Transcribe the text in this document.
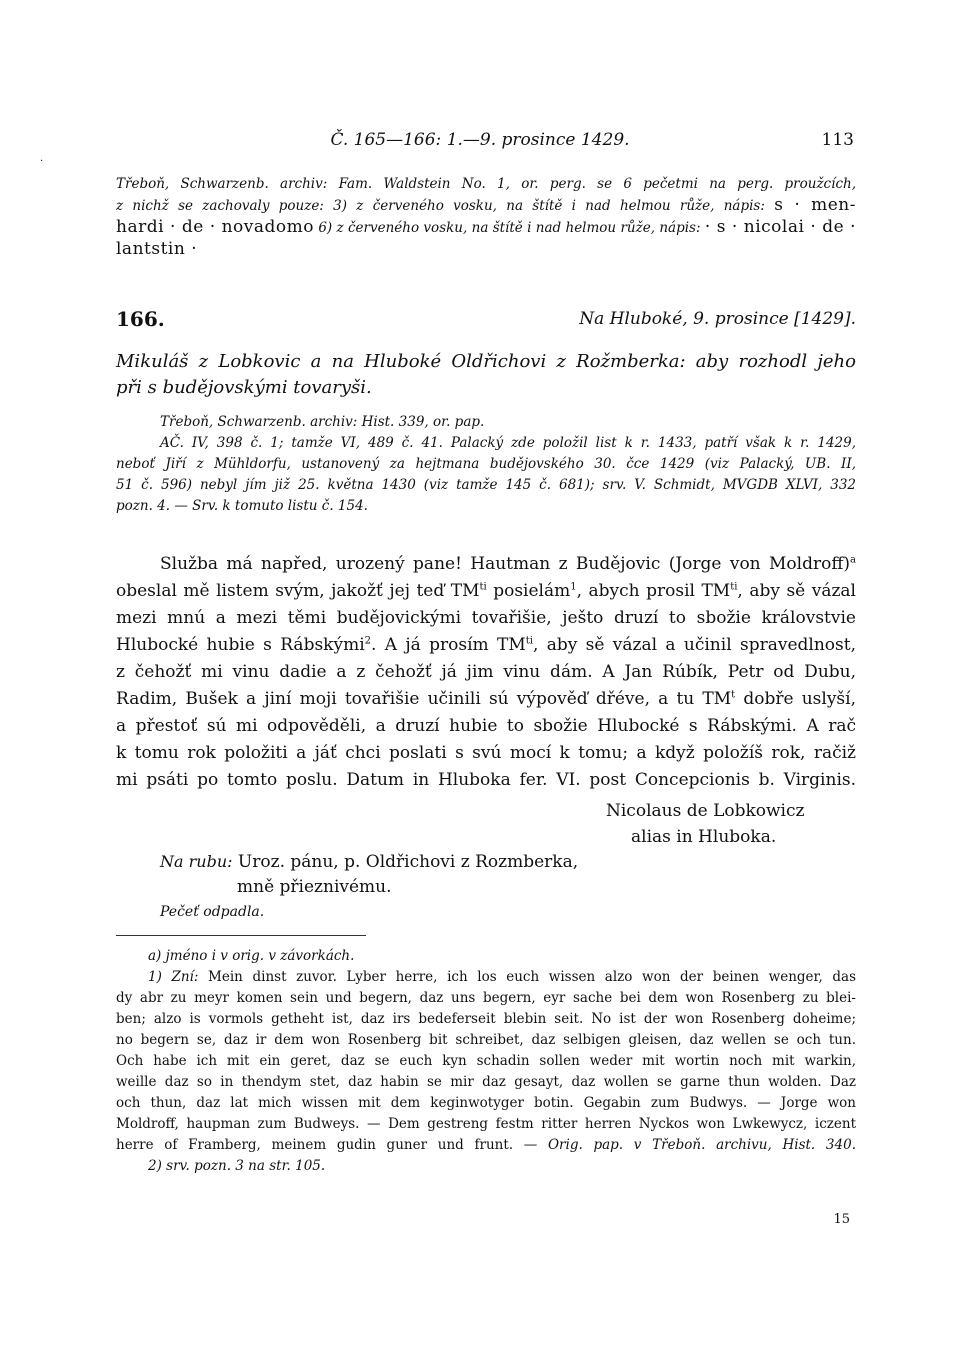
·
Č. 165—166: 1.—9. prosince 1429.	113
Třeboň, Schwarzenb. archiv: Fam. Waldstein No. 1, or. perg. se 6 pečetmi na perg. proužcích,
z nichž se zachovaly pouze: 3) z červeného vosku, na štítě i nad helmou růže, nápis: s · men-
hardi · de · novadomo 6) z červeného vosku, na štítě i nad helmou růže, nápis: · s · nicolai · de ·
lantstin ·
166.	Na Hluboké, 9. prosince [1429].
Mikuláš z Lobkovic a na Hluboké Oldřichovi z Rožmberka: aby rozhodl jeho
při s budějovskými tovaryši.
Třeboň, Schwarzenb. archiv: Hist. 339, or. pap.
AČ. IV, 398 č. 1; tamže VI, 489 č. 41. Palacký zde položil list k r. 1433, patří však k r. 1429,
neboť Jiří z Mühldorfu, ustanovený za hejtmana budějovského 30. čce 1429 (viz Palacký, UB. II,
51 č. 596) nebyl jím již 25. května 1430 (viz tamže 145 č. 681); srv. V. Schmidt, MVGDB XLVI, 332
pozn. 4. — Srv. k tomuto listu č. 154.
Služba má napřed, urozený pane! Hautman z Budějovic (Jorge von Moldroff)$^a$
obeslal mě listem svým, jakožť jej teď $TM^{ti}$ posielám$^1$, abych prosil $TM^{ti}$, aby sě vázal
mezi mnú a mezi těmi budějovickými tovařišie, ješto druzí to sbožie královstvie
Hlubocké hubie s Rábskými$^2$. A já prosím $TM^{ti}$, aby sě vázal a učinil spravedlnost,
z čehožť mi vinu dadie a z čehožť já jim vinu dám. A Jan Rúbík, Petr od Dubu,
Radim, Bušek a jiní moji tovařišie učinili sú výpověď dřéve, a tu $TM^t$ dobře uslyší,
a přestoť sú mi odpověděli, a druzí hubie to sbožie Hlubocké s Rábskými. A rač
k tomu rok položiti a jáť chci poslati s svú mocí k tomu; a když položíš rok, račiž
mi psáti po tomto poslu. Datum in Hluboka fer. VI. post Concepcionis b. Virginis.
Nicolaus de Lobkowicz
alias in Hluboka.
Na rubu: Uroz. pánu, p. Oldřichovi z Rozmberka,
mně přieznivému.
Pečeť odpadla.
a) jméno i v orig. v závorkách.
1) Zní: Mein dinst zuvor. Lyber herre, ich los euch wissen alzo won der beinen wenger, das
dy abr zu meyr komen sein und begern, daz uns begern, eyr sache bei dem won Rosenberg zu blei-
ben; alzo is vormols getheht ist, daz irs bedeferseit blebin seit. No ist der won Rosenberg doheime;
no begern se, daz ir dem won Rosenberg bit schreibet, daz selbigen gleisen, daz wellen se och tun.
Och habe ich mit ein geret, daz se euch kyn schadin sollen weder mit wortin noch mit warkin,
weille daz so in thendym stet, daz habin se mir daz gesayt, daz wollen se garne thun wolden. Daz
och thun, daz lat mich wissen mit dem keginwotyger botin. Gegabin zum Budwys. — Jorge won
Moldroff, haupman zum Budweys. — Dem gestreng festm ritter herren Nyckos won Lwkewycz, iczent
herre of Framberg, meinem gudin guner und frunt. — Orig. pap. v Třeboň. archivu, Hist. 340.
2) srv. pozn. 3 na str. 105.
15
